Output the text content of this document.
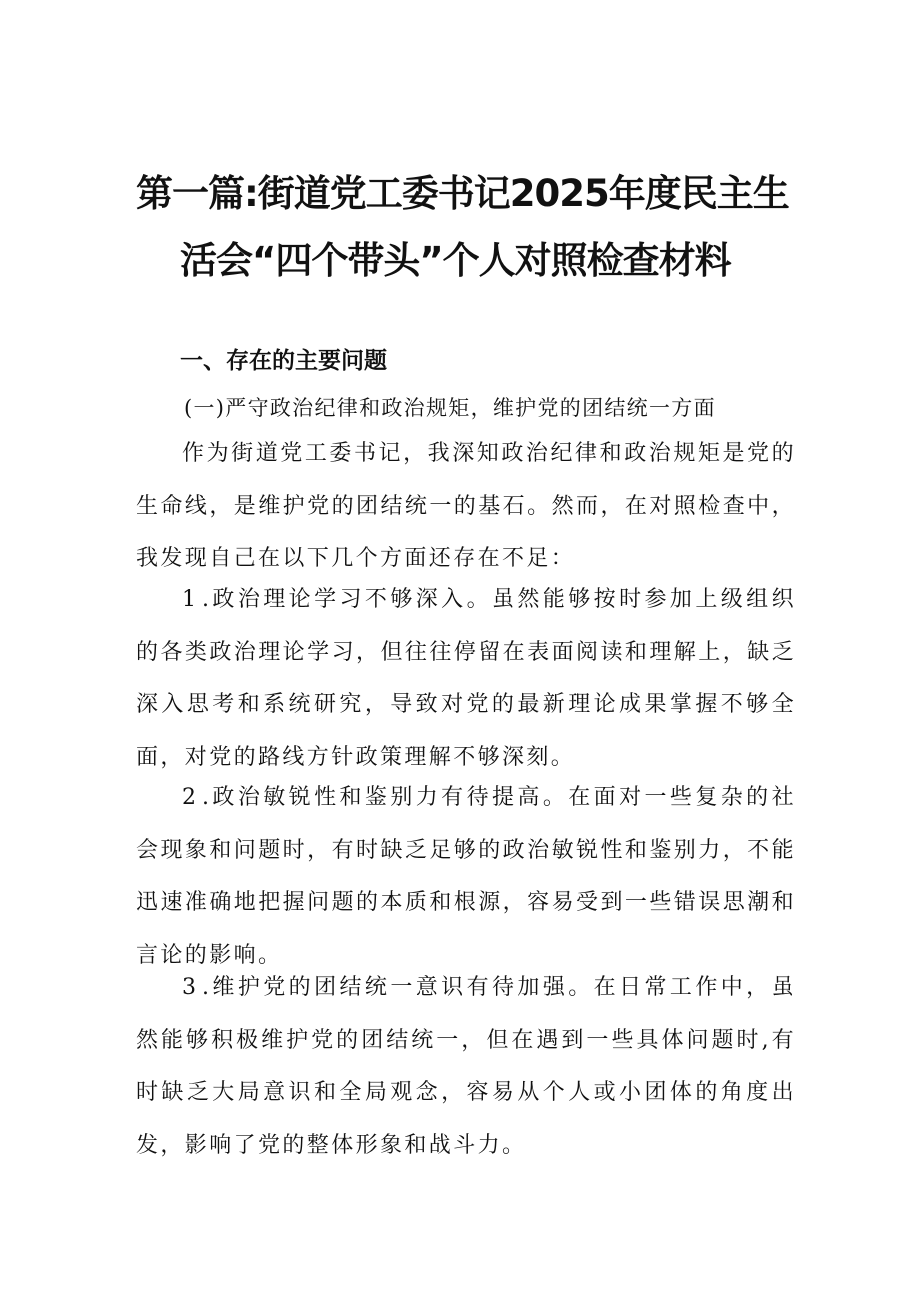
第一篇:街道党工委书记2025年度民主生
活会“四个带头”个人对照检查材料
一、存在的主要问题
(一)严守政治纪律和政治规矩，维护党的团结统一方面
作为街道党工委书记，我深知政治纪律和政治规矩是党的生命线，是维护党的团结统一的基石。然而，在对照检查中，我发现自己在以下几个方面还存在不足：
1.政治理论学习不够深入。虽然能够按时参加上级组织的各类政治理论学习，但往往停留在表面阅读和理解上，缺乏深入思考和系统研究，导致对党的最新理论成果掌握不够全面，对党的路线方针政策理解不够深刻。
2.政治敏锐性和鉴别力有待提高。在面对一些复杂的社会现象和问题时，有时缺乏足够的政治敏锐性和鉴别力，不能迅速准确地把握问题的本质和根源，容易受到一些错误思潮和言论的影响。
3.维护党的团结统一意识有待加强。在日常工作中，虽然能够积极维护党的团结统一，但在遇到一些具体问题时,有时缺乏大局意识和全局观念，容易从个人或小团体的角度出发，影响了党的整体形象和战斗力。
